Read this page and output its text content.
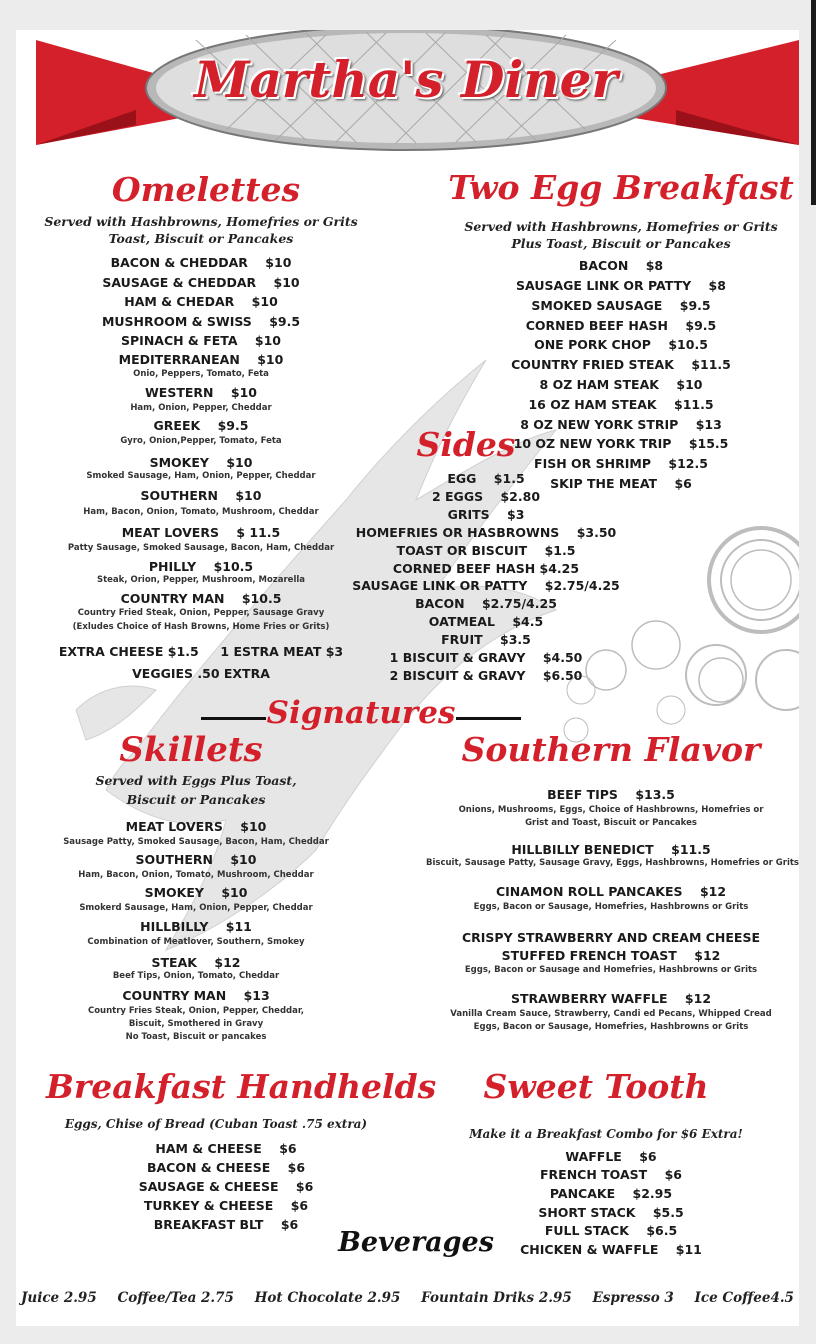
Martha's Diner
Omelettes
Served with Hashbrowns, Homefries or Grits
Toast, Biscuit or Pancakes
BACON & CHEDDAR    $10
SAUSAGE & CHEDDAR    $10
HAM & CHEDAR    $10
MUSHROOM & SWISS    $9.5
SPINACH & FETA    $10
MEDITERRANEAN    $10
Onio, Peppers, Tomato, Feta
WESTERN    $10
Ham, Onion, Pepper, Cheddar
GREEK    $9.5
Gyro, Onion,Pepper, Tomato, Feta
SMOKEY    $10
Smoked Sausage, Ham, Onion, Pepper, Cheddar
SOUTHERN    $10
Ham, Bacon, Onion, Tomato, Mushroom, Cheddar
MEAT LOVERS    $ 11.5
Patty Sausage, Smoked Sausage, Bacon, Ham, Cheddar
PHILLY    $10.5
Steak, Orion, Pepper, Mushroom, Mozarella
COUNTRY MAN    $10.5
Country Fried Steak, Onion, Pepper, Sausage Gravy
(Exludes Choice of Hash Browns, Home Fries or Grits)
EXTRA CHEESE $1.5     1 ESTRA MEAT $3
VEGGIES .50 EXTRA
Two Egg Breakfast
Served with Hashbrowns, Homefries or Grits
Plus Toast, Biscuit or Pancakes
BACON    $8
SAUSAGE LINK OR PATTY    $8
SMOKED SAUSAGE    $9.5
CORNED BEEF HASH    $9.5
ONE PORK CHOP    $10.5
COUNTRY FRIED STEAK    $11.5
8 OZ HAM STEAK    $10
16 OZ HAM STEAK    $11.5
8 OZ NEW YORK STRIP    $13
10 OZ NEW YORK TRIP    $15.5
FISH OR SHRIMP    $12.5
SKIP THE MEAT    $6
Sides
EGG    $1.5
2 EGGS    $2.80
GRITS    $3
HOMEFRIES OR HASBROWNS    $3.50
TOAST OR BISCUIT    $1.5
CORNED BEEF HASH $4.25
SAUSAGE LINK OR PATTY    $2.75/4.25
BACON    $2.75/4.25
OATMEAL    $4.5
FRUIT    $3.5
1 BISCUIT & GRAVY    $4.50
2 BISCUIT & GRAVY    $6.50
Signatures
Skillets
Served with Eggs Plus Toast,
Biscuit or Pancakes
MEAT LOVERS    $10
Sausage Patty, Smoked Sausage, Bacon, Ham, Cheddar
SOUTHERN    $10
Ham, Bacon, Onion, Tomato, Mushroom, Cheddar
SMOKEY    $10
Smokerd Sausage, Ham, Onion, Pepper, Cheddar
HILLBILLY    $11
Combination of Meatlover, Southern, Smokey
STEAK    $12
Beef Tips, Onion, Tomato, Cheddar
COUNTRY MAN    $13
Country Fries Steak, Onion, Pepper, Cheddar,
Biscuit, Smothered in Gravy
No Toast, Biscuit or pancakes
Southern Flavor
BEEF TIPS    $13.5
Onions, Mushrooms, Eggs, Choice of Hashbrowns, Homefries or
Grist and Toast, Biscuit or Pancakes
HILLBILLY BENEDICT    $11.5
Biscuit, Sausage Patty, Sausage Gravy, Eggs, Hashbrowns, Homefries or Grits
CINAMON ROLL PANCAKES    $12
Eggs, Bacon or Sausage, Homefries, Hashbrowns or Grits
CRISPY STRAWBERRY AND CREAM CHEESE
STUFFED FRENCH TOAST    $12
Eggs, Bacon or Sausage and Homefries, Hashbrowns or Grits
STRAWBERRY WAFFLE    $12
Vanilla Cream Sauce, Strawberry, Candi ed Pecans, Whipped Cread
Eggs, Bacon or Sausage, Homefries, Hashbrowns or Grits
Breakfast Handhelds
Eggs, Chise of Bread (Cuban Toast .75 extra)
HAM & CHEESE    $6
BACON & CHEESE    $6
SAUSAGE & CHEESE    $6
TURKEY & CHEESE    $6
BREAKFAST BLT    $6
Sweet Tooth
Make it a Breakfast Combo for $6 Extra!
WAFFLE    $6
FRENCH TOAST    $6
PANCAKE    $2.95
SHORT STACK    $5.5
FULL STACK    $6.5
CHICKEN & WAFFLE    $11
Beverages
Juice 2.95 Coffee/Tea 2.75 Hot Chocolate 2.95 Fountain Driks 2.95 Espresso 3 Ice Coffee4.5
